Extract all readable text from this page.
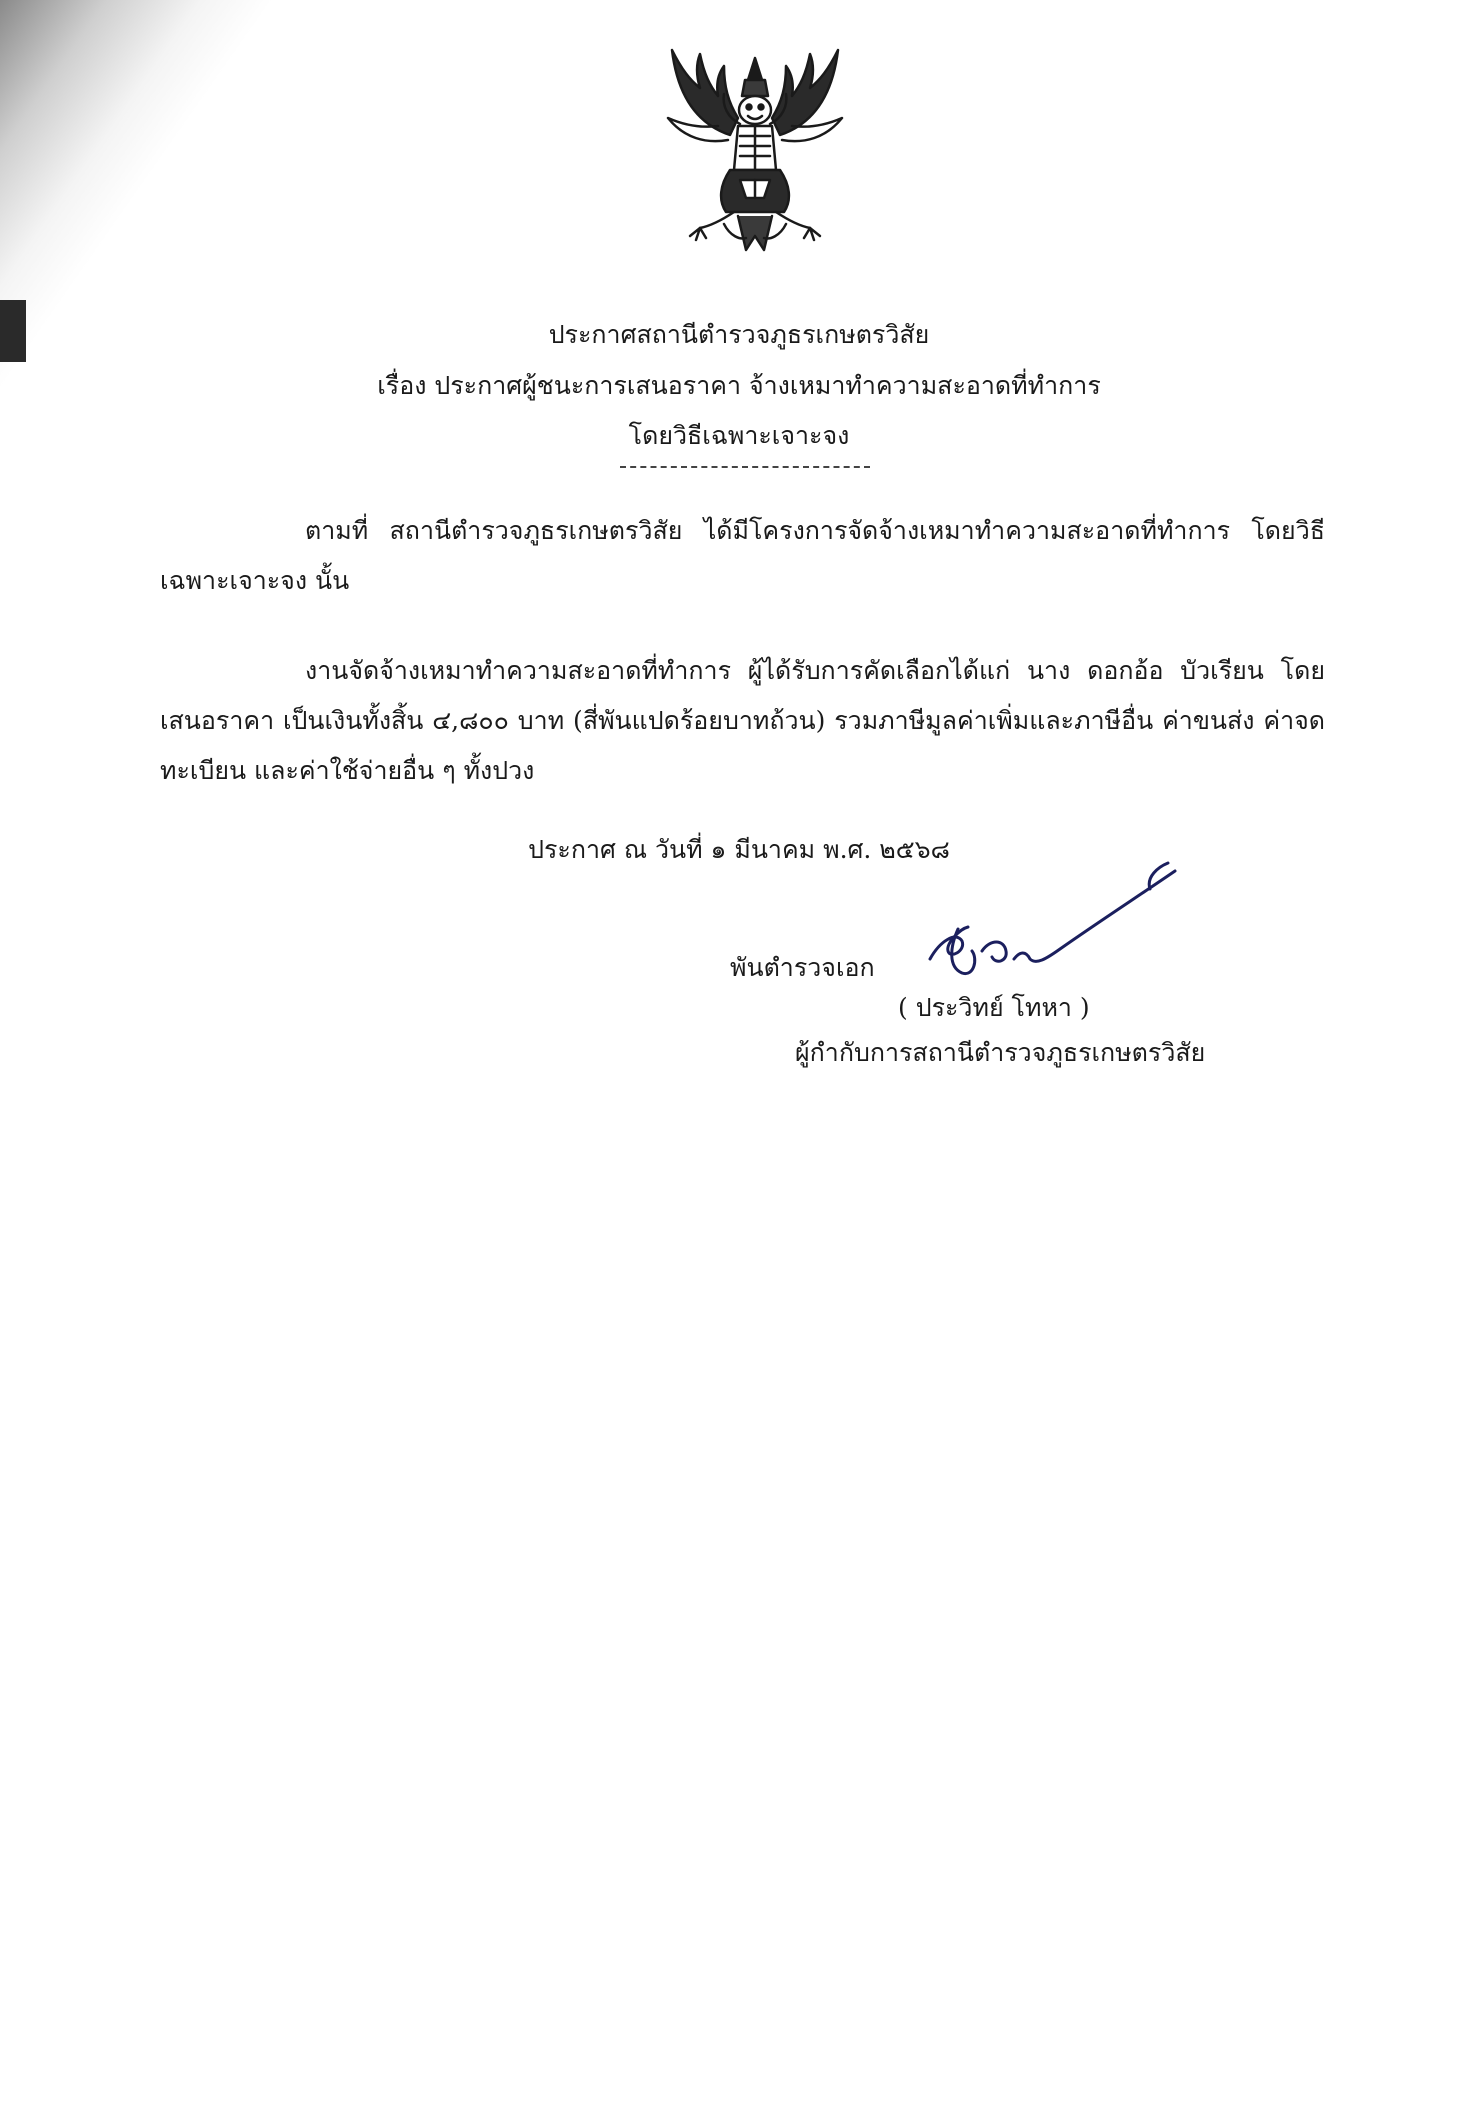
ประกาศสถานีตำรวจภูธรเกษตรวิสัย
เรื่อง ประกาศผู้ชนะการเสนอราคา จ้างเหมาทำความสะอาดที่ทำการ
โดยวิธีเฉพาะเจาะจง
ตามที่ สถานีตำรวจภูธรเกษตรวิสัย ได้มีโครงการจัดจ้างเหมาทำความสะอาดที่ทำการ โดยวิธีเฉพาะเจาะจง นั้น
งานจัดจ้างเหมาทำความสะอาดที่ทำการ ผู้ได้รับการคัดเลือกได้แก่ นาง ดอกอ้อ บัวเรียน โดยเสนอราคา เป็นเงินทั้งสิ้น ๔,๘๐๐ บาท (สี่พันแปดร้อยบาทถ้วน) รวมภาษีมูลค่าเพิ่มและภาษีอื่น ค่าขนส่ง ค่าจดทะเบียน และค่าใช้จ่ายอื่น ๆ ทั้งปวง
ประกาศ ณ วันที่ ๑ มีนาคม พ.ศ. ๒๕๖๘
พันตำรวจเอก
( ประวิทย์ โทหา )
ผู้กำกับการสถานีตำรวจภูธรเกษตรวิสัย
